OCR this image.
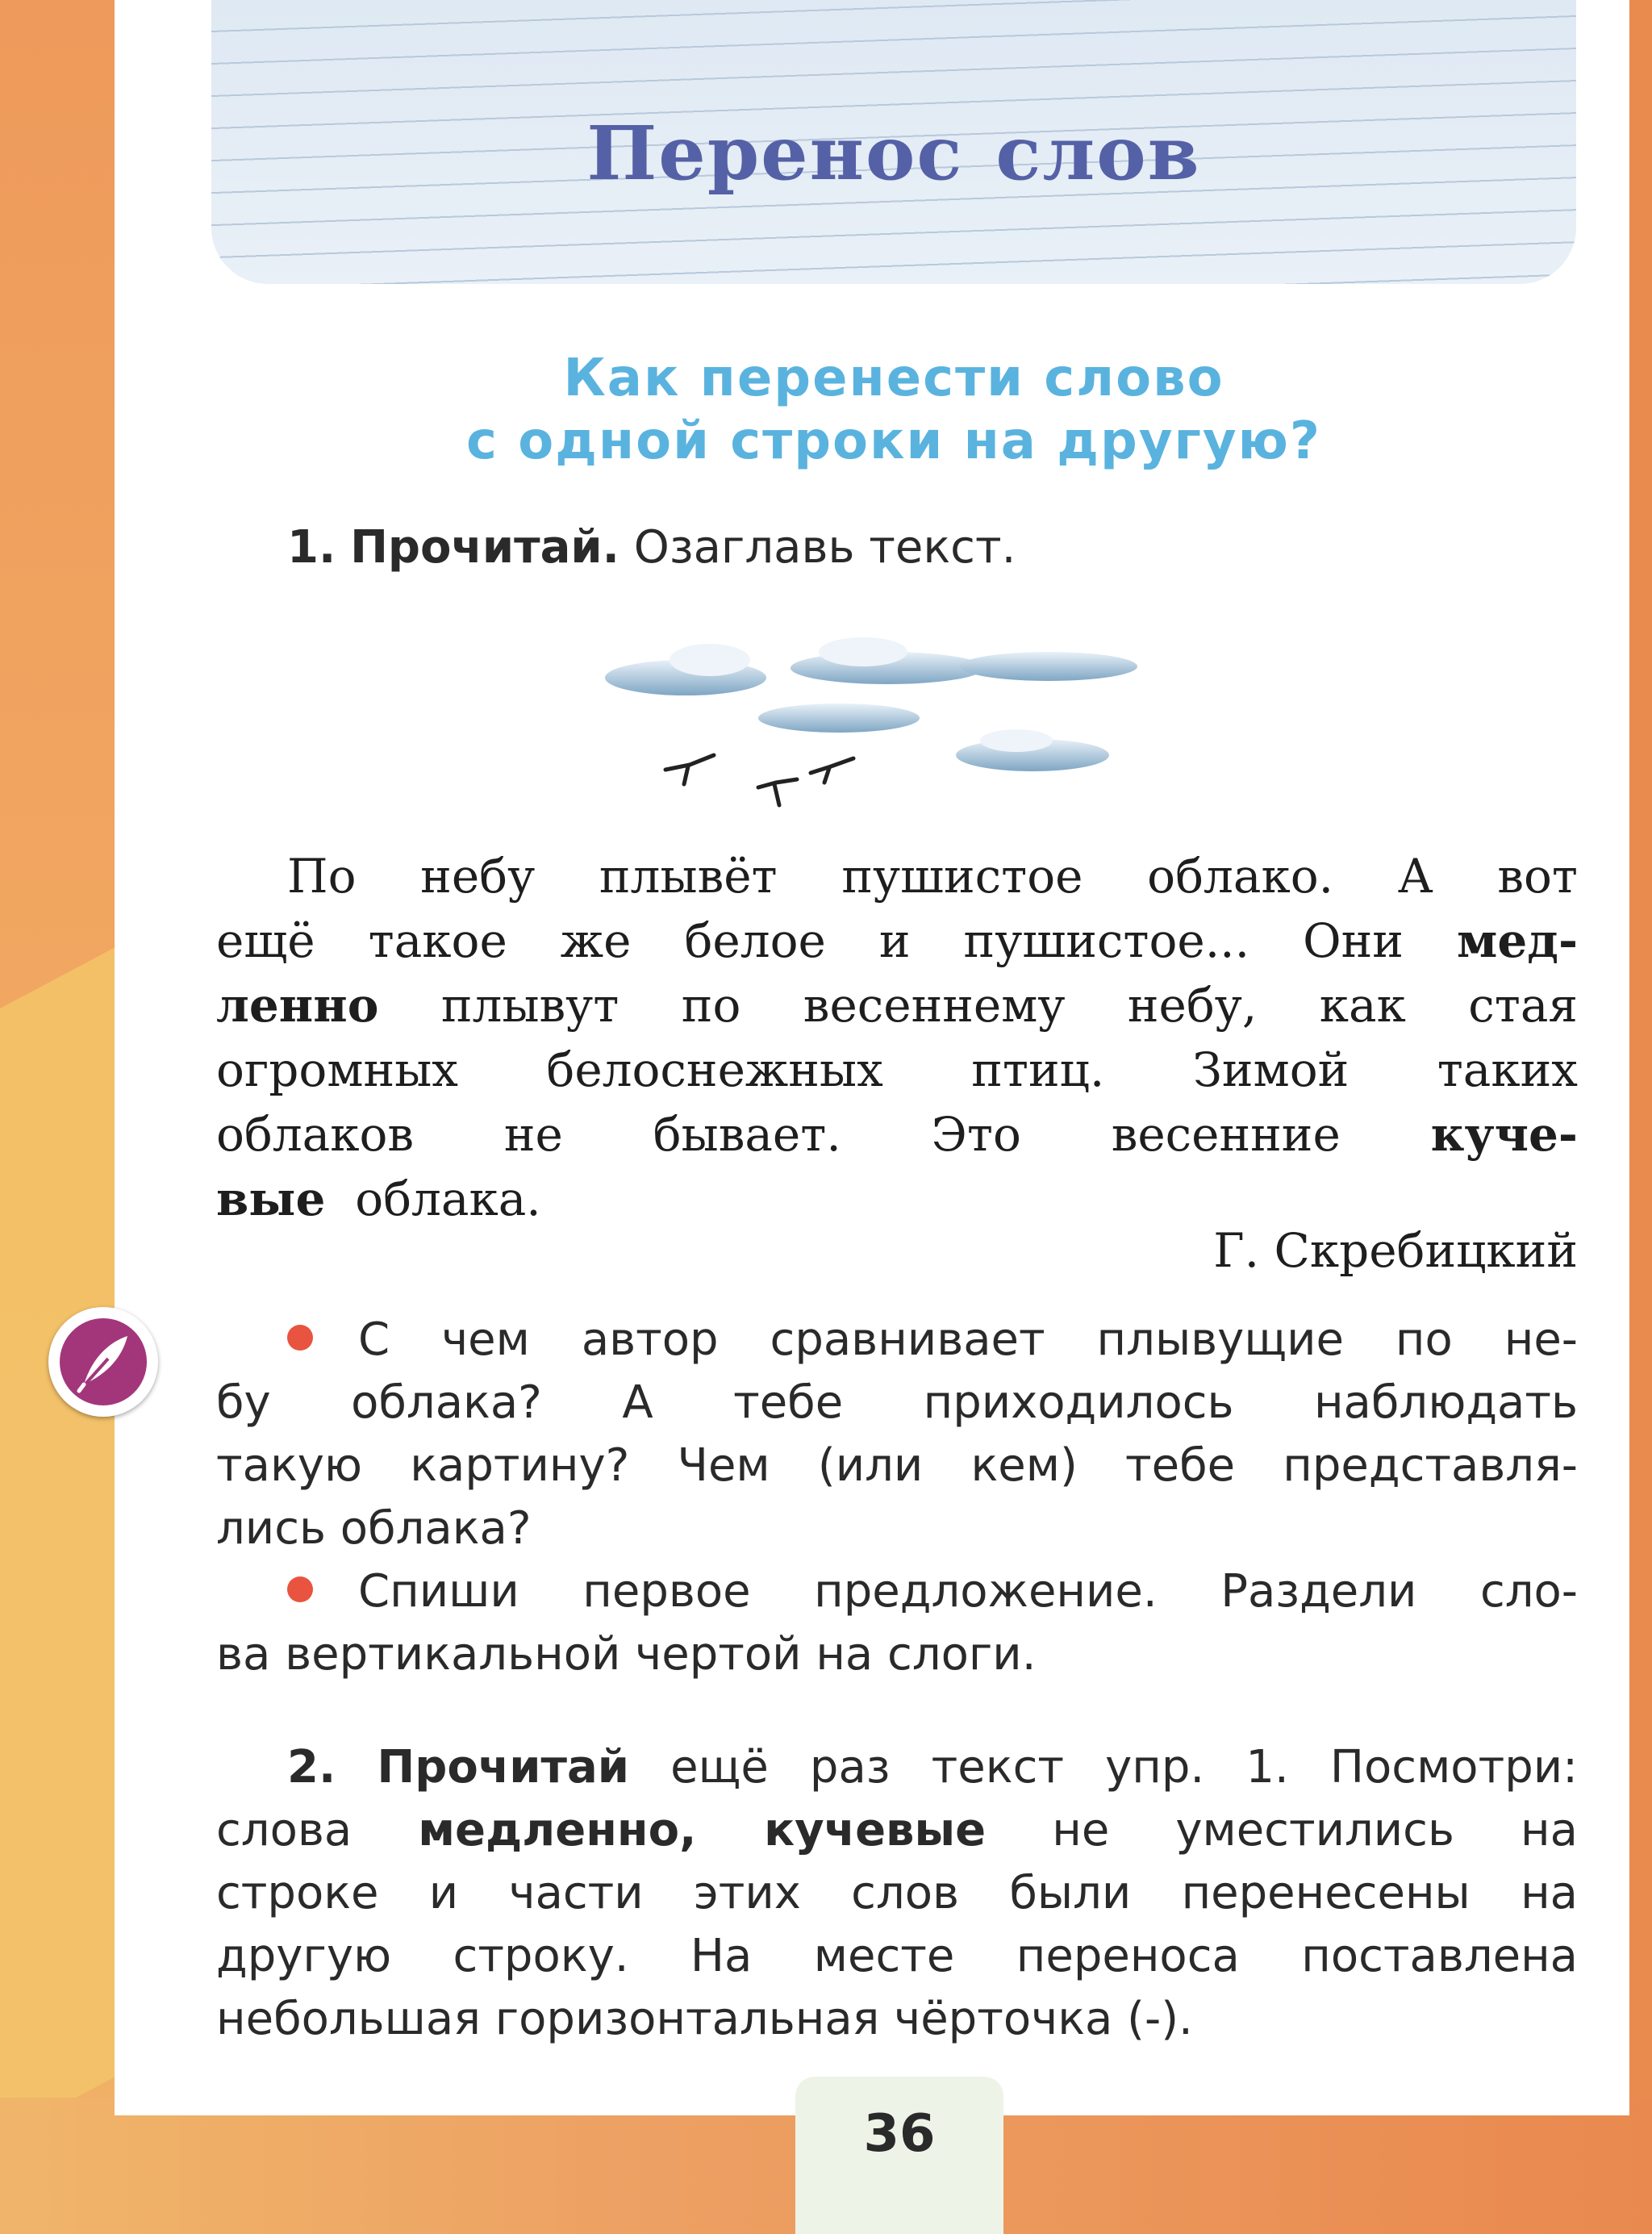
Перенос слов
Как перенести слово
с одной строки на другую?
1. Прочитай. Озаглавь текст.
По небу плывёт пушистое облако. А вот
ещё такое же белое и пушистое... Они мед-
ленно плывут по весеннему небу, как стая
огромных белоснежных птиц. Зимой таких
облаков не бывает. Это весенние куче-
вые облака.
Г. Скребицкий
С чем автор сравнивает плывущие по не-
бу облака? А тебе приходилось наблюдать
такую картину? Чем (или кем) тебе представля-
лись облака?
Спиши первое предложение. Раздели сло-
ва вертикальной чертой на слоги.
2. Прочитай ещё раз текст упр. 1. Посмотри:
слова медленно, кучевые не уместились на
строке и части этих слов были перенесены на
другую строку. На месте переноса поставлена
небольшая горизонтальная чёрточка (-).
36
